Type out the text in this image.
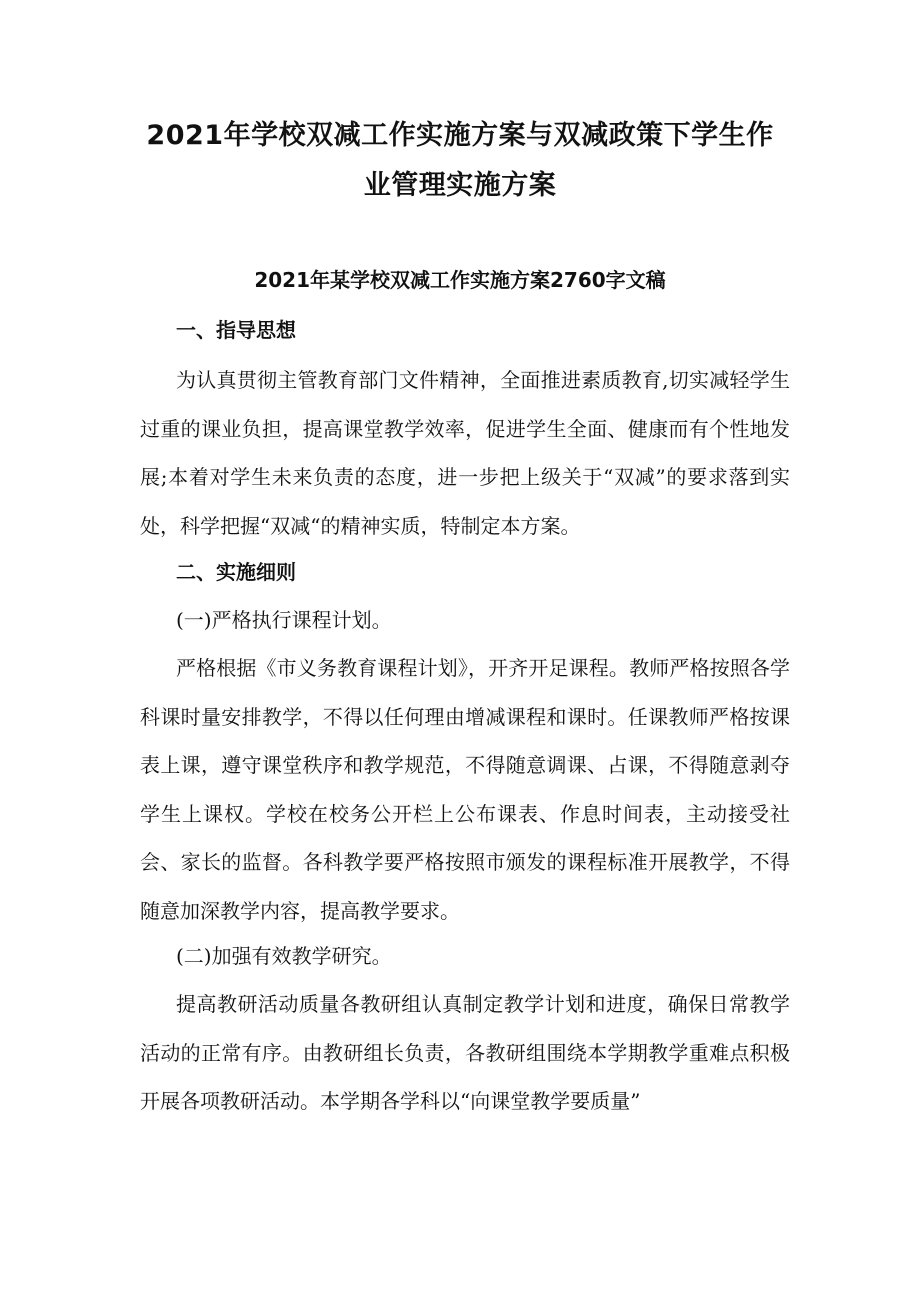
2021年学校双减工作实施方案与双减政策下学生作
业管理实施方案
2021年某学校双减工作实施方案2760字文稿
一、指导思想

为认真贯彻主管教育部门文件精神，全面推进素质教育,切实减轻学生过重的课业负担，提高课堂教学效率，促进学生全面、健康而有个性地发展;本着对学生未来负责的态度，进一步把上级关于“双减”的要求落到实处，科学把握“双减“的精神实质，特制定本方案。

二、实施细则

(一)严格执行课程计划。

严格根据《市义务教育课程计划》，开齐开足课程。教师严格按照各学科课时量安排教学，不得以任何理由增减课程和课时。任课教师严格按课表上课，遵守课堂秩序和教学规范，不得随意调课、占课，不得随意剥夺学生上课权。学校在校务公开栏上公布课表、作息时间表，主动接受社会、家长的监督。各科教学要严格按照市颁发的课程标准开展教学，不得随意加深教学内容，提高教学要求。

(二)加强有效教学研究。

提高教研活动质量各教研组认真制定教学计划和进度，确保日常教学活动的正常有序。由教研组长负责，各教研组围绕本学期教学重难点积极开展各项教研活动。本学期各学科以“向课堂教学要质量”
